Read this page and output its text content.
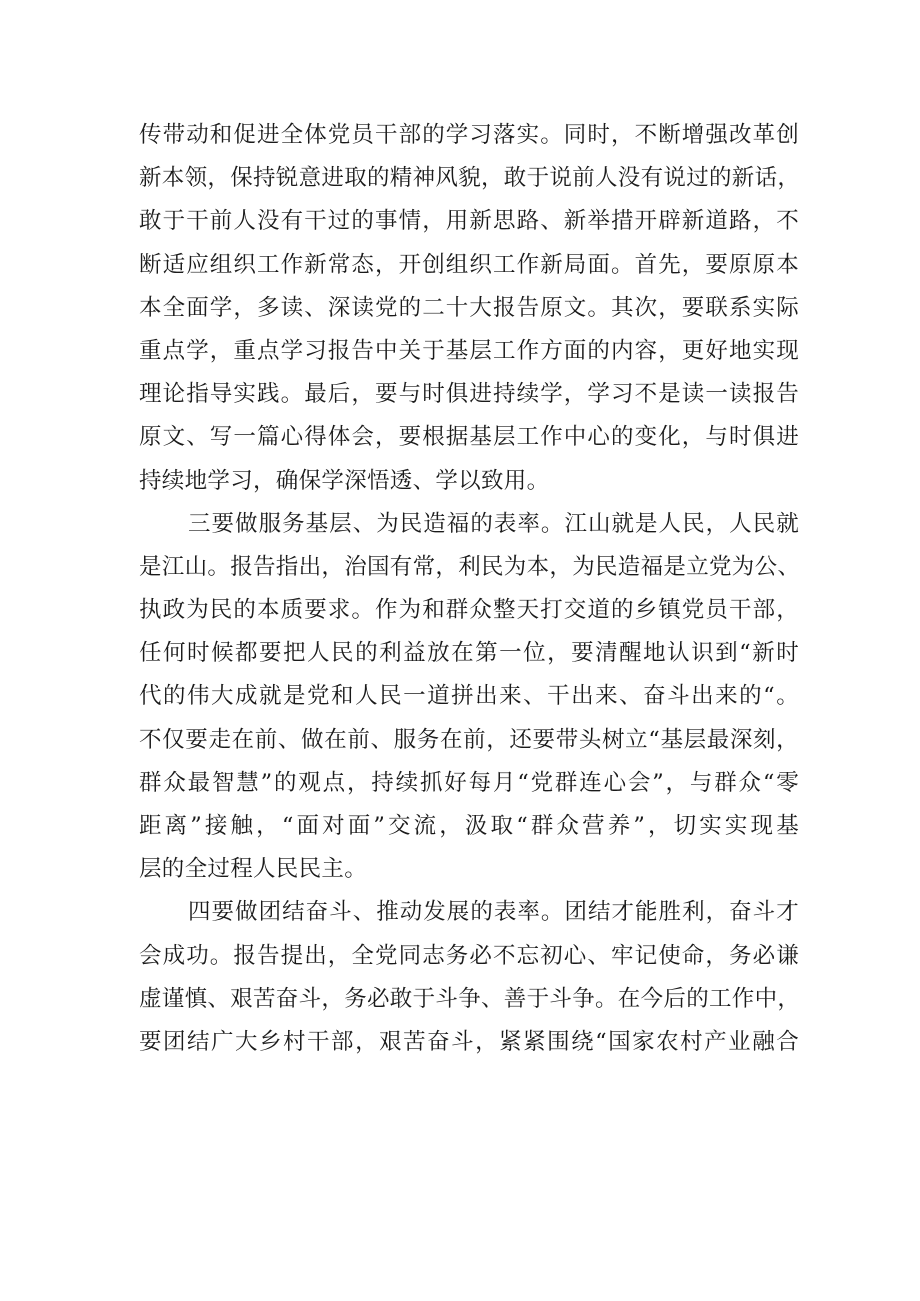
传带动和促进全体党员干部的学习落实。同时，不断增强改革创
新本领，保持锐意进取的精神风貌，敢于说前人没有说过的新话，
敢于干前人没有干过的事情，用新思路、新举措开辟新道路，不
断适应组织工作新常态，开创组织工作新局面。首先，要原原本
本全面学，多读、深读党的二十大报告原文。其次，要联系实际
重点学，重点学习报告中关于基层工作方面的内容，更好地实现
理论指导实践。最后，要与时俱进持续学，学习不是读一读报告
原文、写一篇心得体会，要根据基层工作中心的变化，与时俱进
持续地学习，确保学深悟透、学以致用。
三要做服务基层、为民造福的表率。江山就是人民，人民就
是江山。报告指出，治国有常，利民为本，为民造福是立党为公、
执政为民的本质要求。作为和群众整天打交道的乡镇党员干部，
任何时候都要把人民的利益放在第一位，要清醒地认识到“新时
代的伟大成就是党和人民一道拼出来、干出来、奋斗出来的“。
不仅要走在前、做在前、服务在前，还要带头树立“基层最深刻，
群众最智慧”的观点，持续抓好每月“党群连心会”，与群众“零
距离”接触，“面对面”交流，汲取“群众营养”，切实实现基
层的全过程人民民主。
四要做团结奋斗、推动发展的表率。团结才能胜利，奋斗才
会成功。报告提出，全党同志务必不忘初心、牢记使命，务必谦
虚谨慎、艰苦奋斗，务必敢于斗争、善于斗争。在今后的工作中，
要团结广大乡村干部，艰苦奋斗，紧紧围绕“国家农村产业融合
